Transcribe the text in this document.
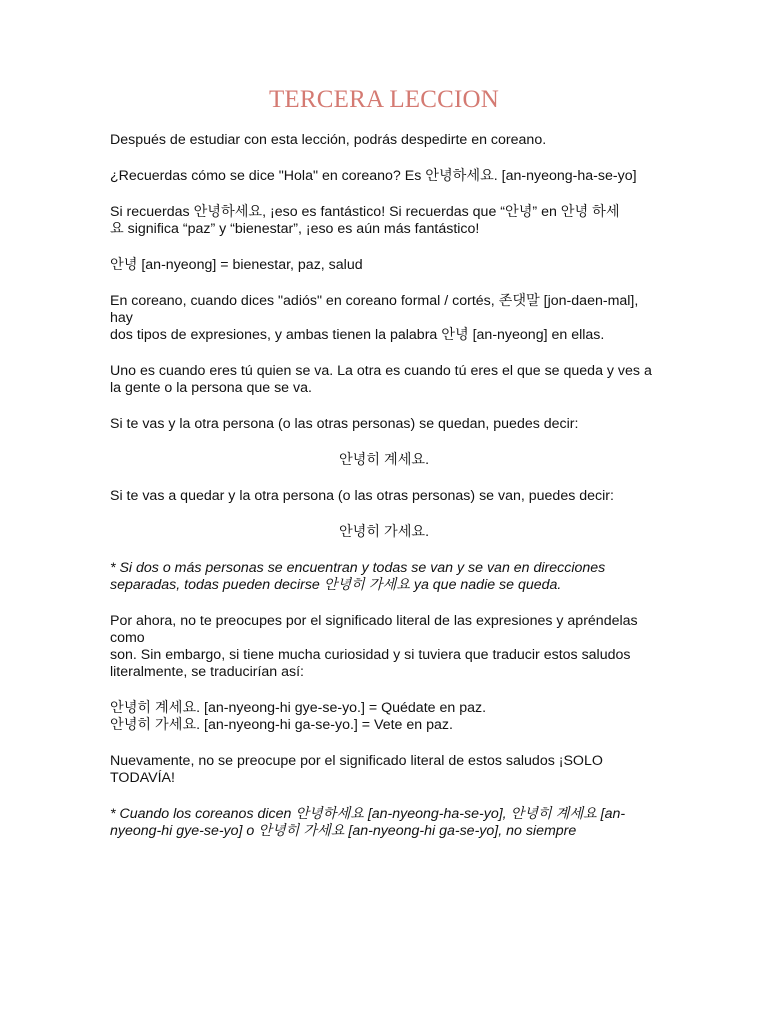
TERCERA LECCION

Después de estudiar con esta lección, podrás despedirte en coreano.

¿Recuerdas cómo se dice "Hola" en coreano? Es 안녕하세요. [an-nyeong-ha-se-yo]

Si recuerdas 안녕하세요, ¡eso es fantástico! Si recuerdas que “안녕” en 안녕 하세
요 significa “paz” y “bienestar”, ¡eso es aún más fantástico!

안녕 [an-nyeong] = bienestar, paz, salud

En coreano, cuando dices "adiós" en coreano formal / cortés, 존댓말 [jon-daen-mal], hay
dos tipos de expresiones, y ambas tienen la palabra 안녕 [an-nyeong] en ellas.

Uno es cuando eres tú quien se va. La otra es cuando tú eres el que se queda y ves a la gente o la persona que se va.

Si te vas y la otra persona (o las otras personas) se quedan, puedes decir:

안녕히 계세요.

Si te vas a quedar y la otra persona (o las otras personas) se van, puedes decir:

안녕히 가세요.

* Si dos o más personas se encuentran y todas se van y se van en direcciones separadas, todas pueden decirse 안녕히 가세요 ya que nadie se queda.

Por ahora, no te preocupes por el significado literal de las expresiones y apréndelas como
son. Sin embargo, si tiene mucha curiosidad y si tuviera que traducir estos saludos literalmente, se traducirían así:

안녕히 계세요. [an-nyeong-hi gye-se-yo.] = Quédate en paz.
안녕히 가세요. [an-nyeong-hi ga-se-yo.] = Vete en paz.

Nuevamente, no se preocupe por el significado literal de estos saludos ¡SOLO TODAVÍA!

* Cuando los coreanos dicen 안녕하세요 [an-nyeong-ha-se-yo], 안녕히 계세요 [an-nyeong-hi gye-se-yo] o 안녕히 가세요 [an-nyeong-hi ga-se-yo], no siempre
